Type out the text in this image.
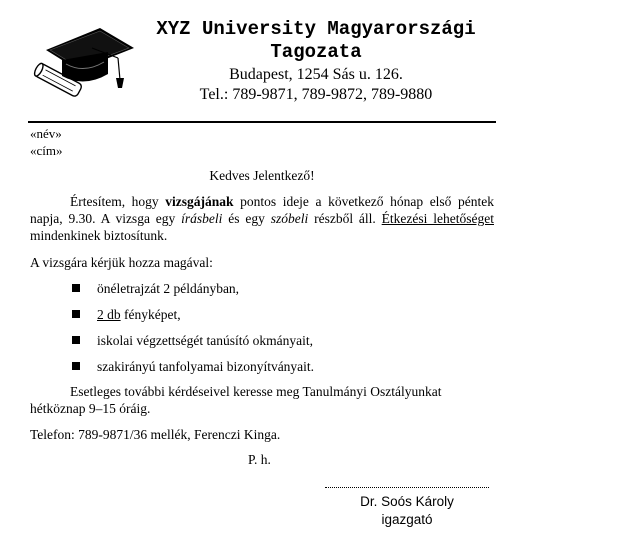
XYZ University Magyarországi
Tagozata
Budapest, 1254 Sás u. 126.
Tel.: 789-9871, 789-9872, 789-9880
«név»
«cím»
Kedves Jelentkező!
Értesítem, hogy vizsgájának pontos ideje a következő hónap első péntek napja, 9.30. A vizsga egy írásbeli és egy szóbeli részből áll. Étkezési lehetőséget mindenkinek biztosítunk.
A vizsgára kérjük hozza magával:
önéletrajzát 2 példányban,
2 db fényképet,
iskolai végzettségét tanúsító okmányait,
szakirányú tanfolyamai bizonyítványait.
Esetleges további kérdéseivel keresse meg Tanulmányi Osztályunkat hétköznap 9–15 óráig.
Telefon: 789-9871/36 mellék, Ferenczi Kinga.
P. h.
Dr. Soós Károly
igazgató
